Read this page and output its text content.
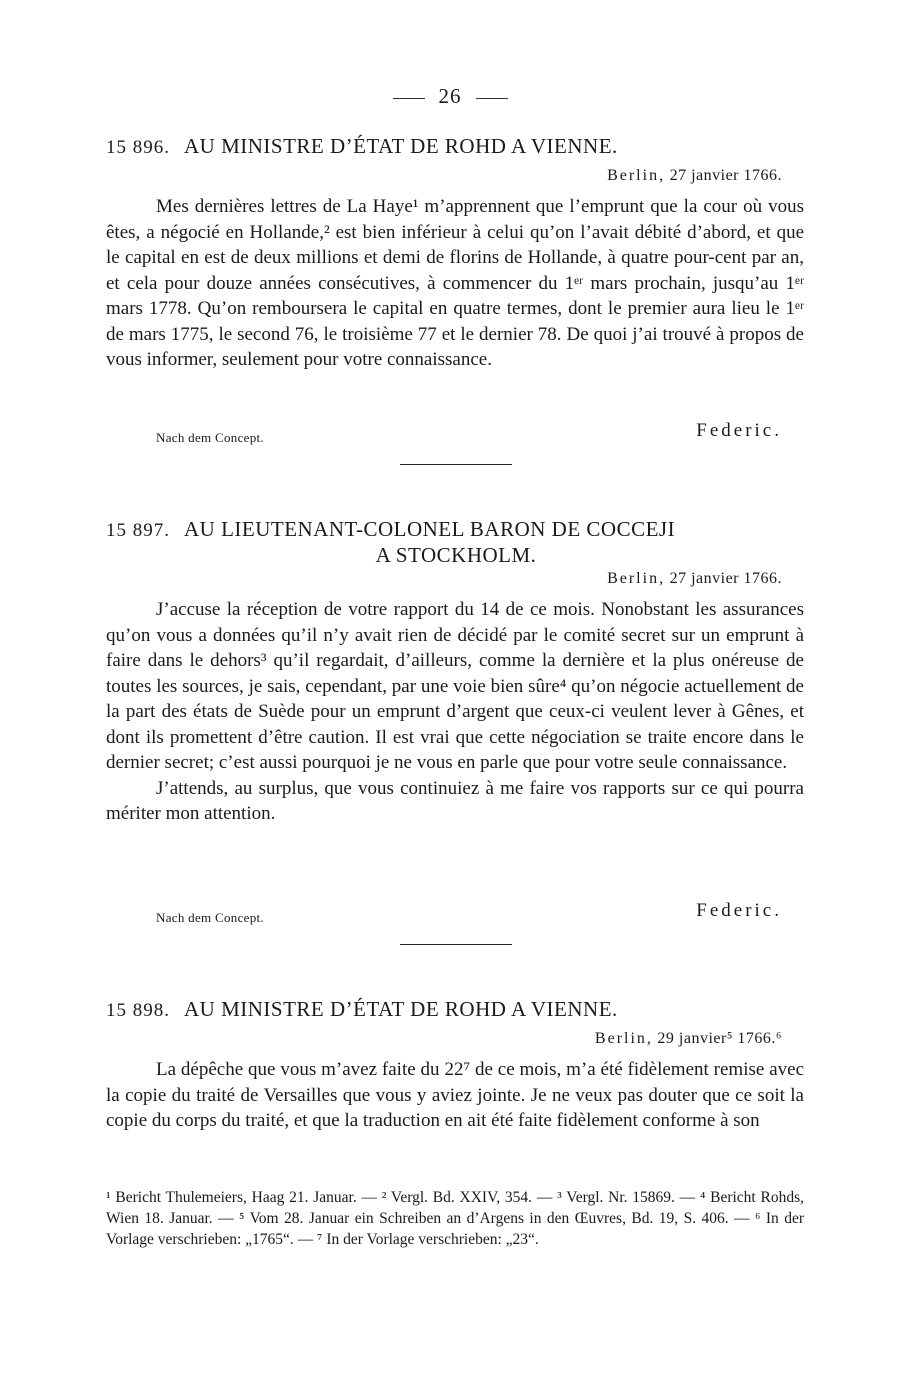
26
15 896. AU MINISTRE D’ÉTAT DE ROHD A VIENNE.
Berlin, 27 janvier 1766.

Mes dernières lettres de La Haye¹ m’apprennent que l’emprunt que la cour où vous êtes, a négocié en Hollande,² est bien inférieur à celui qu’on l’avait débité d’abord, et que le capital en est de deux millions et demi de florins de Hollande, à quatre pour-cent par an, et cela pour douze années consécutives, à commencer du 1ᵉʳ mars prochain, jusqu’au 1ᵉʳ mars 1778. Qu’on remboursera le capital en quatre termes, dont le premier aura lieu le 1ᵉʳ de mars 1775, le second 76, le troisième 77 et le dernier 78. De quoi j’ai trouvé à propos de vous informer, seulement pour votre connaissance.

Nach dem Concept.	Federic.
15 897. AU LIEUTENANT-COLONEL BARON DE COCCEJI
A STOCKHOLM.
Berlin, 27 janvier 1766.

J’accuse la réception de votre rapport du 14 de ce mois. Nonobstant les assurances qu’on vous a données qu’il n’y avait rien de décidé par le comité secret sur un emprunt à faire dans le dehors³ qu’il regardait, d’ailleurs, comme la dernière et la plus onéreuse de toutes les sources, je sais, cependant, par une voie bien sûre⁴ qu’on négocie actuellement de la part des états de Suède pour un emprunt d’argent que ceux-ci veulent lever à Gênes, et dont ils promettent d’être caution. Il est vrai que cette négociation se traite encore dans le dernier secret; c’est aussi pourquoi je ne vous en parle que pour votre seule connaissance.

J’attends, au surplus, que vous continuiez à me faire vos rapports sur ce qui pourra mériter mon attention.

Nach dem Concept.	Federic.
15 898. AU MINISTRE D’ÉTAT DE ROHD A VIENNE.
Berlin, 29 janvier⁵ 1766.⁶

La dépêche que vous m’avez faite du 22⁷ de ce mois, m’a été fidèlement remise avec la copie du traité de Versailles que vous y aviez jointe. Je ne veux pas douter que ce soit la copie du corps du traité, et que la traduction en ait été faite fidèlement conforme à son

¹ Bericht Thulemeiers, Haag 21. Januar. — ² Vergl. Bd. XXIV, 354. — ³ Vergl. Nr. 15869. — ⁴ Bericht Rohds, Wien 18. Januar. — ⁵ Vom 28. Januar ein Schreiben an d’Argens in den Œuvres, Bd. 19, S. 406. — ⁶ In der Vorlage verschrieben: „1765“. — ⁷ In der Vorlage verschrieben: „23“.
